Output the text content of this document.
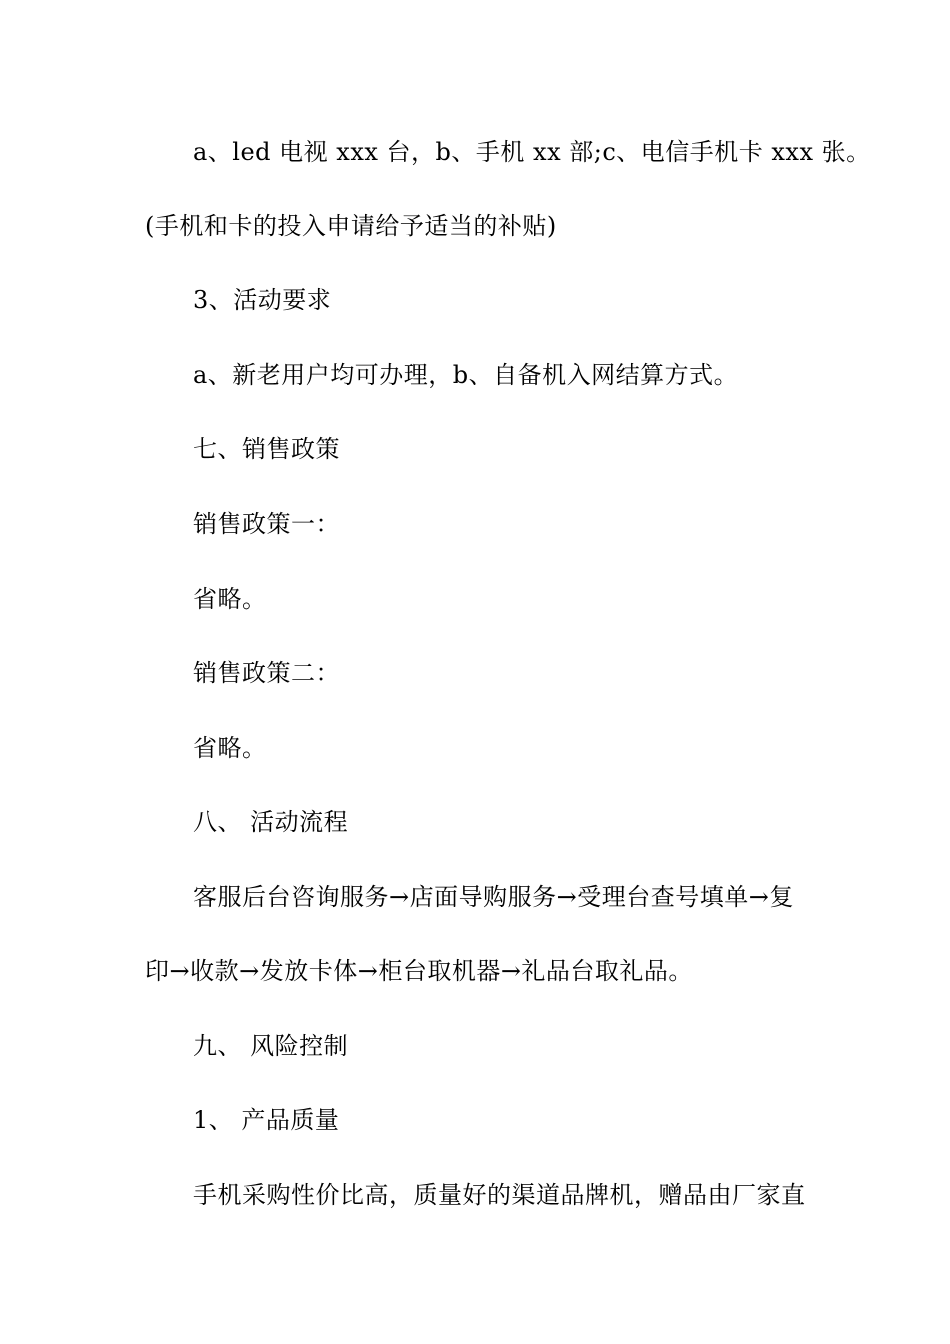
a、led 电视 xxx 台，b、手机 xx 部;c、电信手机卡 xxx 张。
(手机和卡的投入申请给予适当的补贴)
3、活动要求
a、新老用户均可办理，b、自备机入网结算方式。
七、销售政策
销售政策一：
省略。
销售政策二：
省略。
八、 活动流程
客服后台咨询服务→店面导购服务→受理台查号填单→复
印→收款→发放卡体→柜台取机器→礼品台取礼品。
九、 风险控制
1、 产品质量
手机采购性价比高，质量好的渠道品牌机，赠品由厂家直
